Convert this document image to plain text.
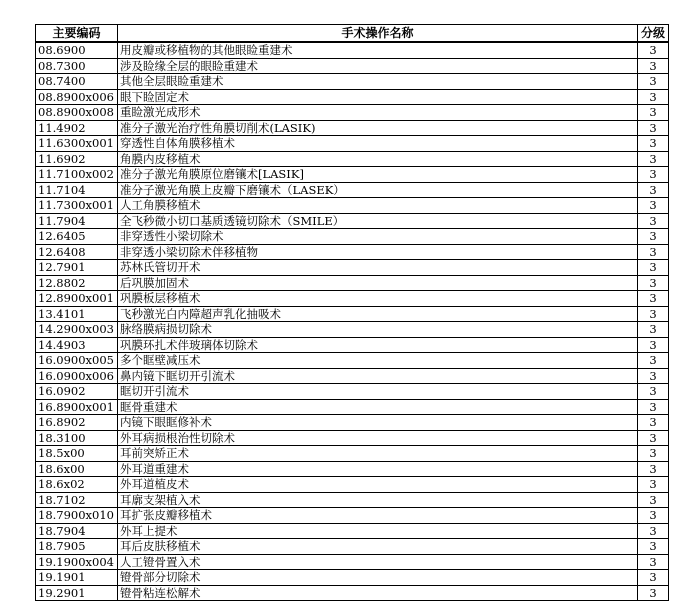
主要编码	手术操作名称	分级
08.6900	用皮瓣或移植物的其他眼睑重建术	3
08.7300	涉及睑缘全层的眼睑重建术	3
08.7400	其他全层眼睑重建术	3
08.8900x006	眼下睑固定术	3
08.8900x008	重睑激光成形术	3
11.4902	准分子激光治疗性角膜切削术(LASIK)	3
11.6300x001	穿透性自体角膜移植术	3
11.6902	角膜内皮移植术	3
11.7100x002	准分子激光角膜原位磨镶术[LASIK]	3
11.7104	准分子激光角膜上皮瓣下磨镶术（LASEK）	3
11.7300x001	人工角膜移植术	3
11.7904	全飞秒微小切口基质透镜切除术（SMILE）	3
12.6405	非穿透性小梁切除术	3
12.6408	非穿透小梁切除术伴移植物	3
12.7901	苏林氏管切开术	3
12.8802	后巩膜加固术	3
12.8900x001	巩膜板层移植术	3
13.4101	飞秒激光白内障超声乳化抽吸术	3
14.2900x003	脉络膜病损切除术	3
14.4903	巩膜环扎术伴玻璃体切除术	3
16.0900x005	多个眶壁减压术	3
16.0900x006	鼻内镜下眶切开引流术	3
16.0902	眶切开引流术	3
16.8900x001	眶骨重建术	3
16.8902	内镜下眼眶修补术	3
18.3100	外耳病损根治性切除术	3
18.5x00	耳前突矫正术	3
18.6x00	外耳道重建术	3
18.6x02	外耳道植皮术	3
18.7102	耳廓支架植入术	3
18.7900x010	耳扩张皮瓣移植术	3
18.7904	外耳上提术	3
18.7905	耳后皮肤移植术	3
19.1900x004	人工镫骨置入术	3
19.1901	镫骨部分切除术	3
19.2901	镫骨粘连松解术	3
